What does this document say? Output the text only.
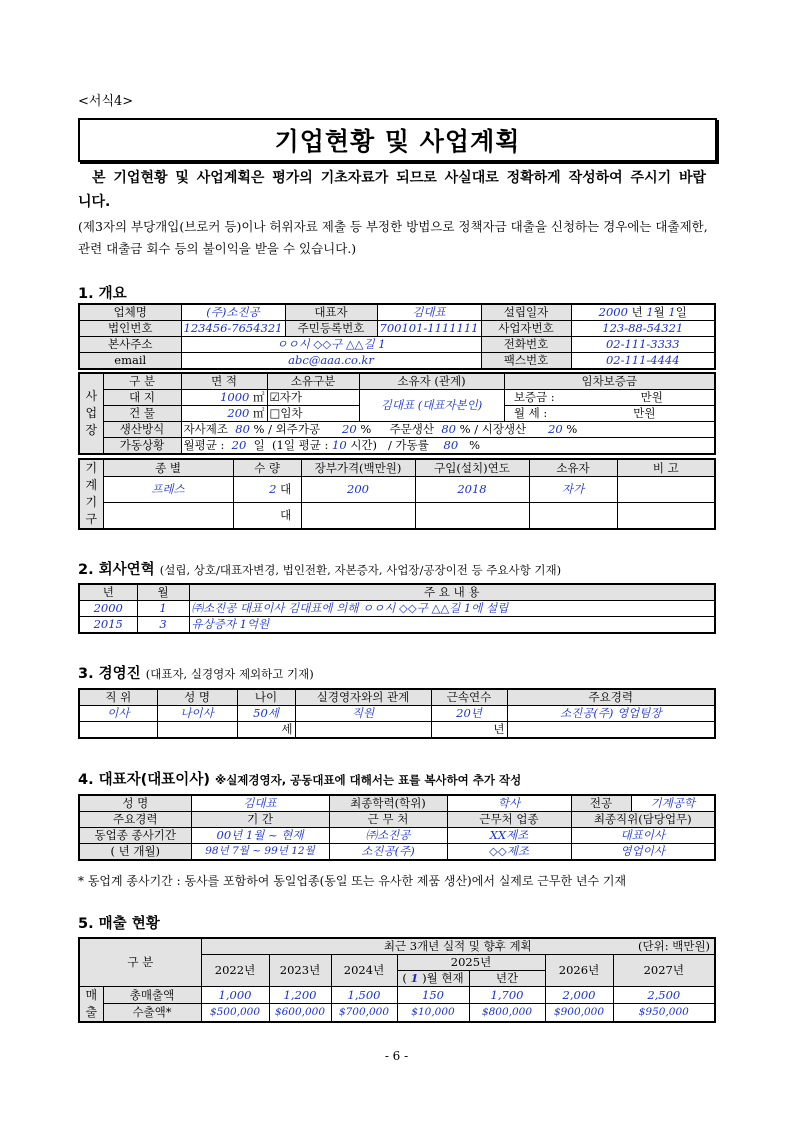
<서식4>
기업현황 및 사업계획
본 기업현황 및 사업계획은 평가의 기초자료가 되므로 사실대로 정확하게 작성하여 주시기 바랍니다.
(제3자의 부당개입(브로커 등)이나 허위자료 제출 등 부정한 방법으로 정책자금 대출을 신청하는 경우에는 대출제한, 관련 대출금 회수 등의 불이익을 받을 수 있습니다.)
1. 개요
업체명	(주)소진공	대표자	김대표	설립일자	2000 년 1월 1일
법인번호	123456-7654321	주민등록번호	700101-1111111	사업자번호	123-88-54321
본사주소	ㅇㅇ시 ◇◇구 △△길 1			전화번호	02-111-3333
email	abc@aaa.co.kr			팩스번호	02-111-4444
사
업
장	구 분	면 적	소유구분	소유자 (관계)	임차보증금
	대 지	1000 ㎡	☑자가	김대표 (대표자본인)	보증금 : 만원
	건 물	200 ㎡	□임차		월 세 : 만원
	생산방식	자사제조 80 % / 외주가공 20 % 주문생산 80 % / 시장생산 20 %			
	가동상황	월평균 : 20 일 (1일 평균 : 10 시간) / 가동률 80 %			
기
계
기
구	종 별	수 량	장부가격(백만원)	구입(설치)연도	소유자	비 고
	프레스	2 대	200	2018	자가	
		대				
2. 회사연혁 (설립, 상호/대표자변경, 법인전환, 자본증자, 사업장/공장이전 등 주요사항 기재)
년	월	주 요 내 용
2000	1	㈜소진공 대표이사 김대표에 의해 ㅇㅇ시 ◇◇구 △△길 1에 설립
2015	3	유상증자 1억원
3. 경영진 (대표자, 실경영자 제외하고 기재)
직 위	성 명	나이	실경영자와의 관계	근속연수	주요경력
이사	나이사	50세	직원	20년	소진공(주) 영업팀장
		세		년	
4. 대표자(대표이사) ※실제경영자, 공동대표에 대해서는 표를 복사하여 추가 작성
성 명	김대표	최종학력(학위)	학사	전공	기계공학
주요경력	기 간	근 무 처	근무처 업종	최종직위(담당업무)	
동업종 종사기간	00년 1월 ~ 현재	㈜소진공	XX제조	대표이사	
( 년 개월)	98년 7월 ~ 99년 12월	소진공(주)	◇◇제조	영업이사	
* 동업계 종사기간 : 동사를 포함하여 동일업종(동일 또는 유사한 제품 생산)에서 실제로 근무한 년수 기재
5. 매출 현황
구 분		최근 3개년 실적 및 향후 계획 (단위: 백만원)						

		2022년	2023년	2024년	2025년		2026년	2027년
					( 1 )월 현재	년간		
매
출	총매출액	1,000	1,200	1,500	150	1,700	2,000	2,500
	수출액*	$500,000	$600,000	$700,000	$10,000	$800,000	$900,000	$950,000
- 6 -
